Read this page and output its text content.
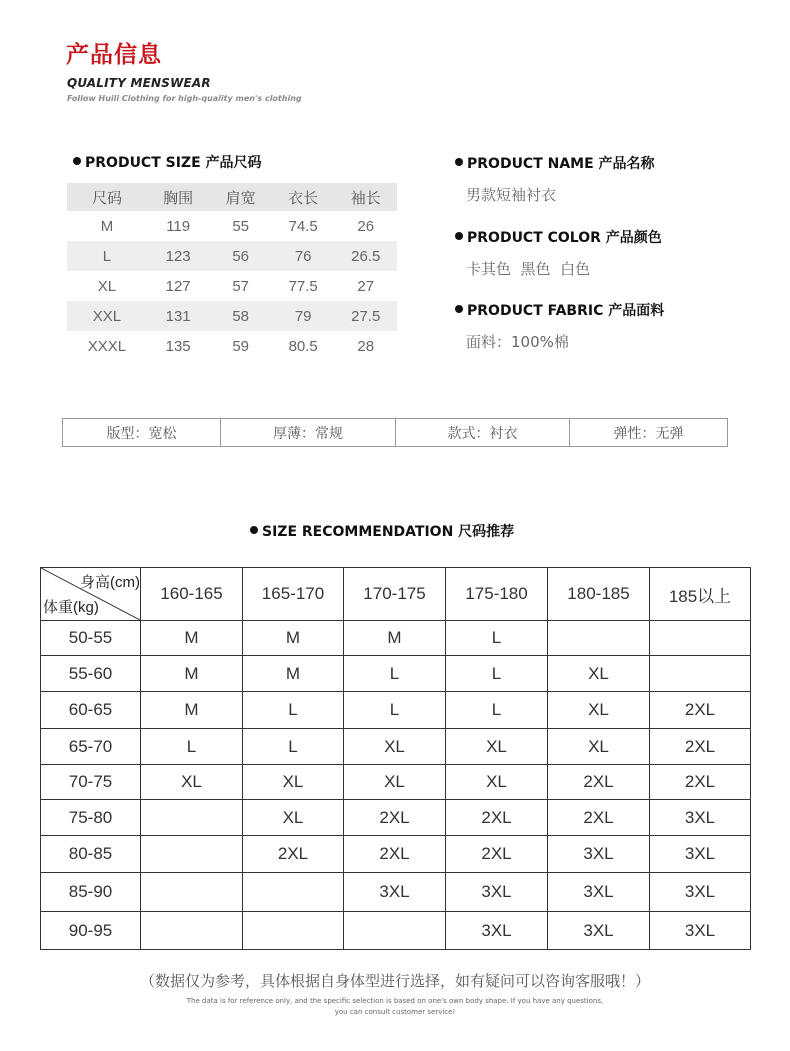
产品信息
QUALITY MENSWEAR
Follow Huili Clothing for high-quality men's clothing
PRODUCT SIZE 产品尺码
尺码	胸围	肩宽	衣长	袖长
M	119	55	74.5	26
L	123	56	76	26.5
XL	127	57	77.5	27
XXL	131	58	79	27.5
XXXL	135	59	80.5	28
PRODUCT NAME 产品名称
男款短袖衬衣
PRODUCT COLOR 产品颜色
卡其色  黑色  白色
PRODUCT FABRIC 产品面料
面料：100%棉
版型：宽松	厚薄：常规	款式：衬衣	弹性：无弹
SIZE RECOMMENDATION 尺码推荐
身高(cm)
体重(kg)	160-165	165-170	170-175	175-180	180-185	185以上
50-55	M	M	M	L		
55-60	M	M	L	L	XL	
60-65	M	L	L	L	XL	2XL
65-70	L	L	XL	XL	XL	2XL
70-75	XL	XL	XL	XL	2XL	2XL
75-80		XL	2XL	2XL	2XL	3XL
80-85		2XL	2XL	2XL	3XL	3XL
85-90			3XL	3XL	3XL	3XL
90-95				3XL	3XL	3XL
（数据仅为参考，具体根据自身体型进行选择，如有疑问可以咨询客服哦！）
The data is for reference only, and the specific selection is based on one's own body shape. If you have any questions,
you can consult customer service!
